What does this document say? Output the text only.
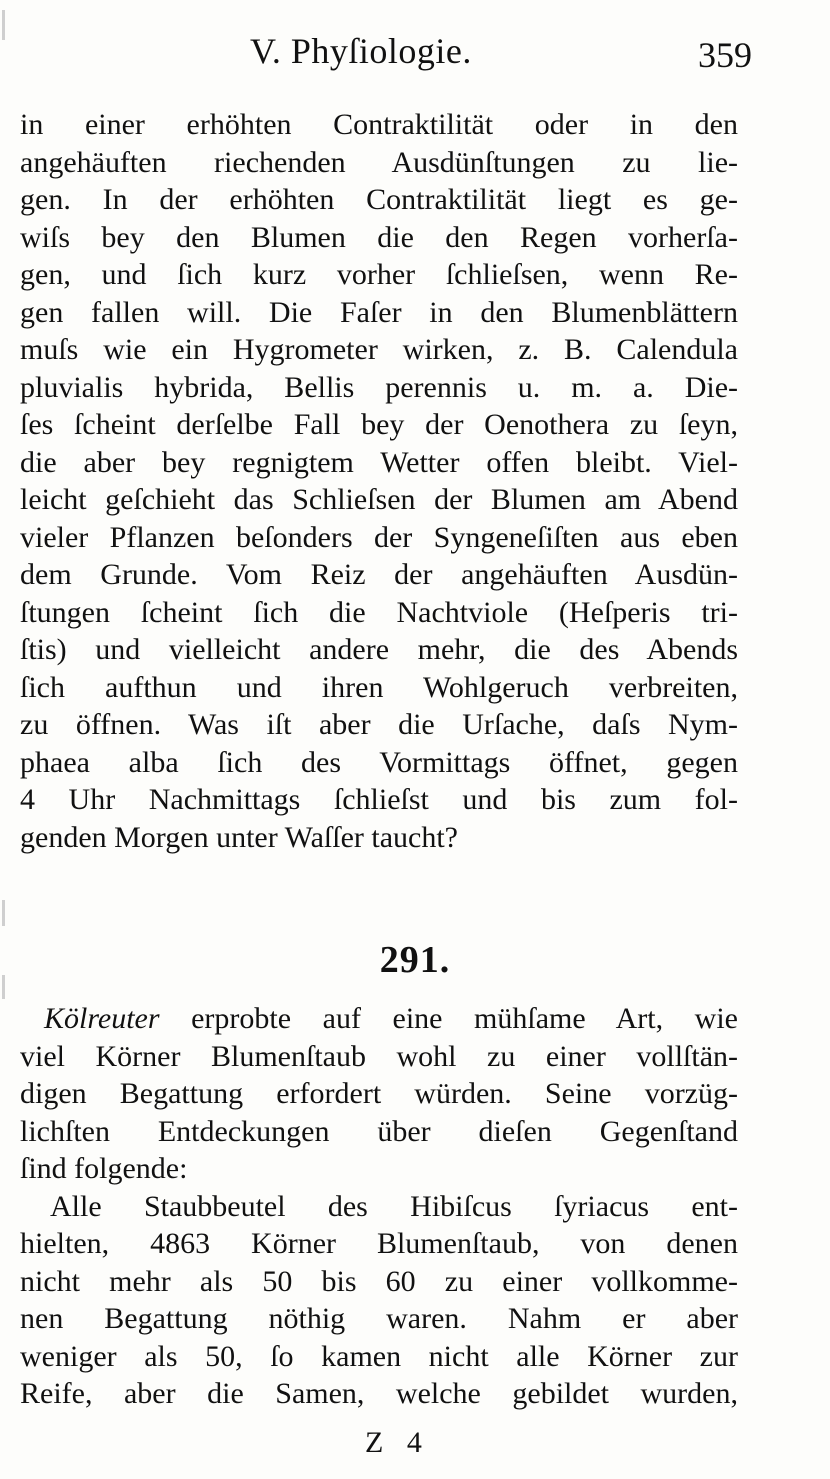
V. Phyſiologie.	359
in einer erhöhten Contraktilität oder in den
angehäuften riechenden Ausdünſtungen zu lie-
gen. In der erhöhten Contraktilität liegt es ge-
wiſs bey den Blumen die den Regen vorherſa-
gen, und ſich kurz vorher ſchlieſsen, wenn Re-
gen fallen will. Die Faſer in den Blumenblättern
muſs wie ein Hygrometer wirken, z. B. Calendula
pluvialis hybrida, Bellis perennis u. m. a. Die-
ſes ſcheint derſelbe Fall bey der Oenothera zu ſeyn,
die aber bey regnigtem Wetter offen bleibt. Viel-
leicht geſchieht das Schlieſsen der Blumen am Abend
vieler Pflanzen beſonders der Syngeneſiſten aus eben
dem Grunde. Vom Reiz der angehäuften Ausdün-
ſtungen ſcheint ſich die Nachtviole (Heſperis tri-
ſtis) und vielleicht andere mehr, die des Abends
ſich aufthun und ihren Wohlgeruch verbreiten,
zu öffnen. Was iſt aber die Urſache, daſs Nym-
phaea alba ſich des Vormittags öffnet, gegen
4 Uhr Nachmittags ſchlieſst und bis zum fol-
genden Morgen unter Waſſer taucht?
291.
Kölreuter erprobte auf eine mühſame Art, wie
viel Körner Blumenſtaub wohl zu einer vollſtän-
digen Begattung erfordert würden. Seine vorzüg-
lichſten Entdeckungen über dieſen Gegenſtand
ſind folgende:
Alle Staubbeutel des Hibiſcus ſyriacus ent-
hielten, 4863 Körner Blumenſtaub, von denen
nicht mehr als 50 bis 60 zu einer vollkomme-
nen Begattung nöthig waren. Nahm er aber
weniger als 50, ſo kamen nicht alle Körner zur
Reife, aber die Samen, welche gebildet wurden,
Z 4
